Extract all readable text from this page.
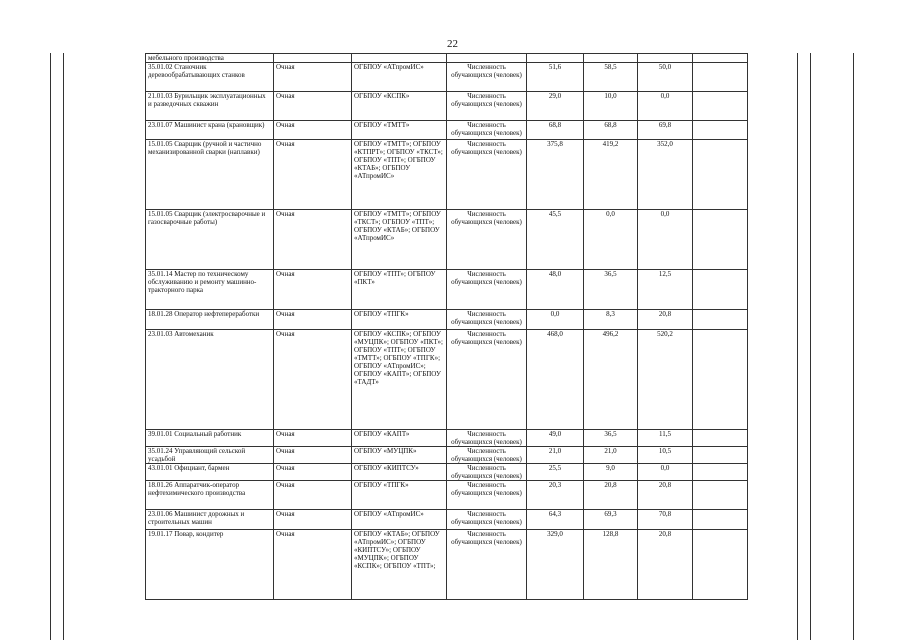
22
мебельного производства							
35.01.02 Станочник деревообрабатывающих станков	Очная	ОГБПОУ «АТпромИС»	Численность обучающихся (человек)	51,6	58,5	50,0	
21.01.03 Бурильщик эксплуатационных и разведочных скважин	Очная	ОГБПОУ «КСПК»	Численность обучающихся (человек)	29,0	10,0	0,0	
23.01.07 Машинист крана (крановщик)	Очная	ОГБПОУ «ТМТТ»	Численность обучающихся (человек)	68,8	68,8	69,8	
15.01.05 Сварщик (ручной и частично механизированной сварки (наплавки)	Очная	ОГБПОУ «ТМТТ»; ОГБПОУ «КТПРТ»; ОГБПОУ «ТКСТ»; ОГБПОУ «ТПТ»; ОГБПОУ «КТАБ»; ОГБПОУ «АТпромИС»	Численность обучающихся (человек)	375,8	419,2	352,0	
15.01.05 Сварщик (электросварочные и газосварочные работы)	Очная	ОГБПОУ «ТМТТ»; ОГБПОУ «ТКСТ»; ОГБПОУ «ТПТ»; ОГБПОУ «КТАБ»; ОГБПОУ «АТпромИС»	Численность обучающихся (человек)	45,5	0,0	0,0	
35.01.14 Мастер по техническому обслуживанию и ремонту машинно-тракторного парка	Очная	ОГБПОУ «ТПТ»; ОГБПОУ «ПКТ»	Численность обучающихся (человек)	48,0	36,5	12,5	
18.01.28 Оператор нефтепереработки	Очная	ОГБПОУ «ТПГК»	Численность обучающихся (человек)	0,0	8,3	20,8	
23.01.03 Автомеханик	Очная	ОГБПОУ «КСПК»; ОГБПОУ «МУЦПК»; ОГБПОУ «ПКТ»; ОГБПОУ «ТПТ»; ОГБПОУ «ТМТТ»; ОГБПОУ «ТПГК»; ОГБПОУ «АТпромИС»; ОГБПОУ «КАПТ»; ОГБПОУ «ТАДТ»	Численность обучающихся (человек)	468,0	496,2	520,2	
39.01.01 Социальный работник	Очная	ОГБПОУ «КАПТ»	Численность обучающихся (человек)	49,0	36,5	11,5	
35.01.24 Управляющий сельской усадьбой	Очная	ОГБПОУ «МУЦПК»	Численность обучающихся (человек)	21,0	21,0	10,5	
43.01.01 Официант, бармен	Очная	ОГБПОУ «КИПТСУ»	Численность обучающихся (человек)	25,5	9,0	0,0	
18.01.26 Аппаратчик-оператор нефтехимического производства	Очная	ОГБПОУ «ТПГК»	Численность обучающихся (человек)	20,3	20,8	20,8	
23.01.06 Машинист дорожных и строительных машин	Очная	ОГБПОУ «АТпромИС»	Численность обучающихся (человек)	64,3	69,3	70,8	
19.01.17 Повар, кондитер	Очная	ОГБПОУ «КТАБ»; ОГБПОУ «АТпромИС»; ОГБПОУ «КИПТСУ»; ОГБПОУ «МУЦПК»; ОГБПОУ «КСПК»; ОГБПОУ «ТПТ»;	Численность обучающихся (человек)	329,0	128,8	20,8	
